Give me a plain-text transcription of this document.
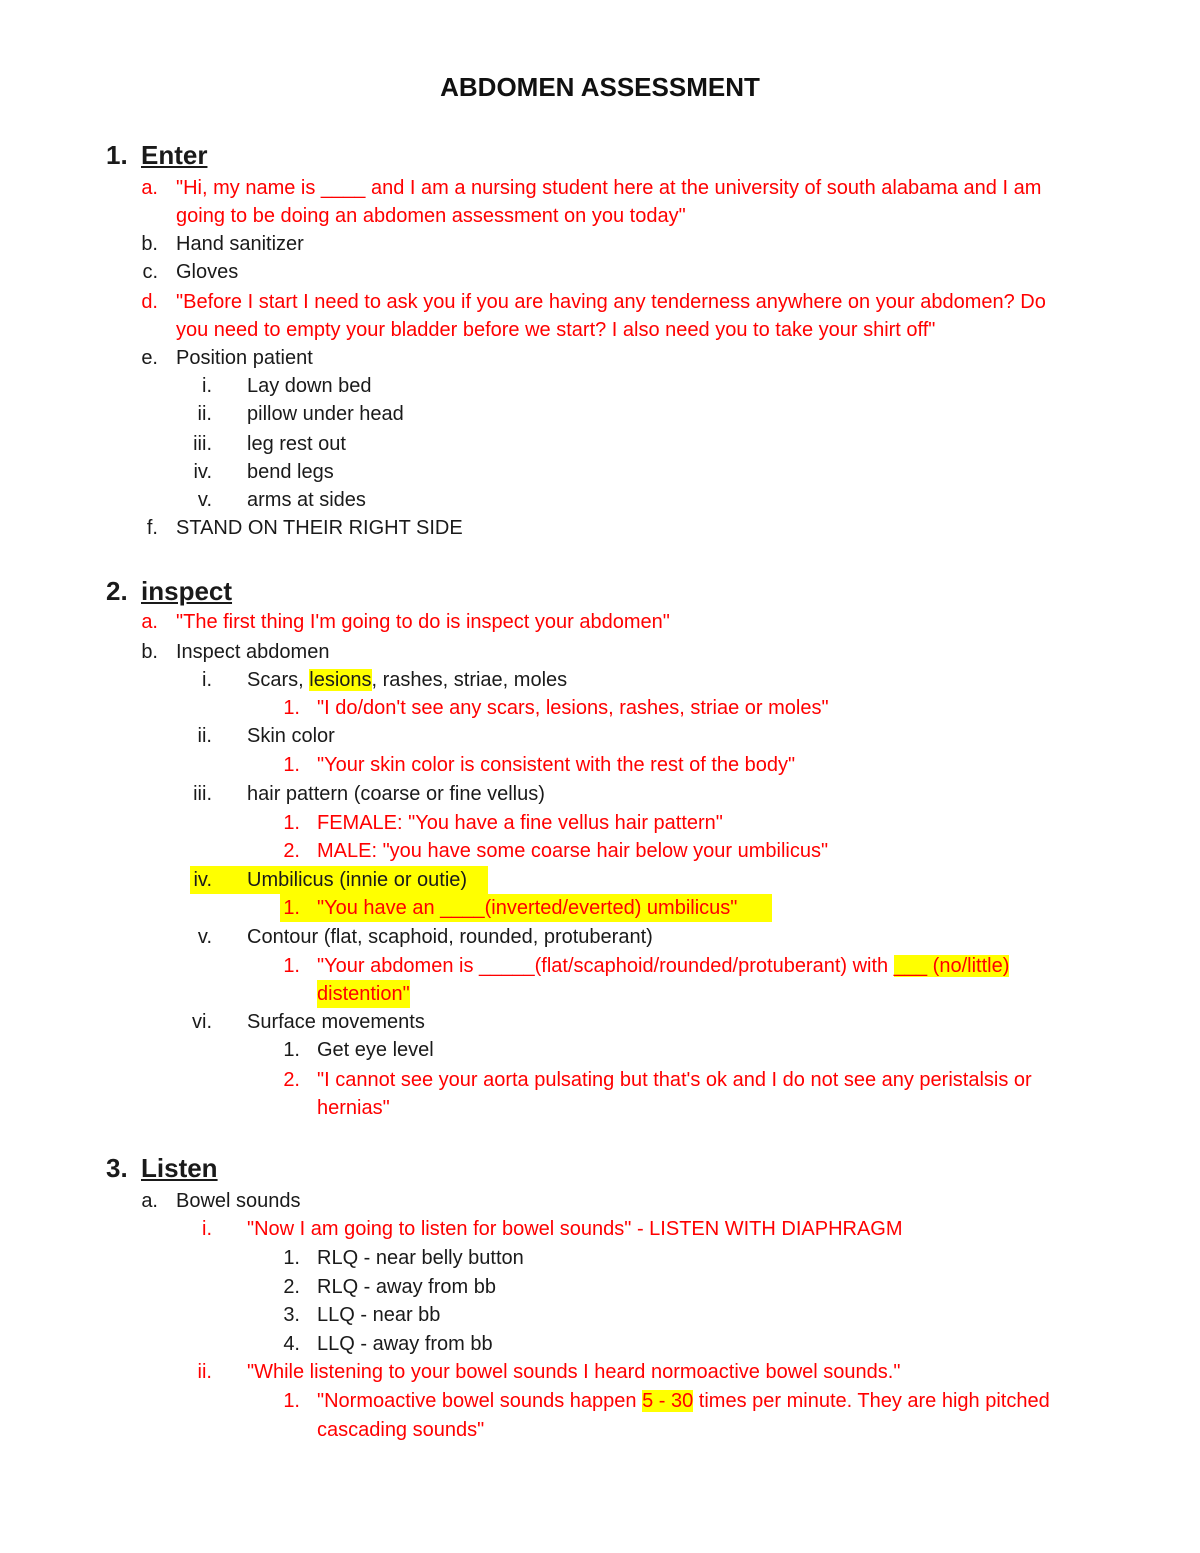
ABDOMEN ASSESSMENT
1. Enter
a. "Hi, my name is ____ and I am a nursing student here at the university of south alabama and I am
going to be doing an abdomen assessment on you today"
b. Hand sanitizer
c. Gloves
d. "Before I start I need to ask you if you are having any tenderness anywhere on your abdomen? Do
you need to empty your bladder before we start? I also need you to take your shirt off"
e. Position patient
i. Lay down bed
ii. pillow under head
iii. leg rest out
iv. bend legs
v. arms at sides
f. STAND ON THEIR RIGHT SIDE
2. inspect
a. "The first thing I'm going to do is inspect your abdomen"
b. Inspect abdomen
i. Scars, lesions, rashes, striae, moles
1. "I do/don't see any scars, lesions, rashes, striae or moles"
ii. Skin color
1. "Your skin color is consistent with the rest of the body"
iii. hair pattern (coarse or fine vellus)
1. FEMALE: "You have a fine vellus hair pattern"
2. MALE: "you have some coarse hair below your umbilicus"
iv. Umbilicus (innie or outie)
1. "You have an ____(inverted/everted) umbilicus"
v. Contour (flat, scaphoid, rounded, protuberant)
1. "Your abdomen is _____(flat/scaphoid/rounded/protuberant) with ___ (no/little)
distention"
vi. Surface movements
1. Get eye level
2. "I cannot see your aorta pulsating but that's ok and I do not see any peristalsis or
hernias"
3. Listen
a. Bowel sounds
i. "Now I am going to listen for bowel sounds" - LISTEN WITH DIAPHRAGM
1. RLQ - near belly button
2. RLQ - away from bb
3. LLQ - near bb
4. LLQ - away from bb
ii. "While listening to your bowel sounds I heard normoactive bowel sounds."
1. "Normoactive bowel sounds happen 5 - 30 times per minute. They are high pitched
cascading sounds"
